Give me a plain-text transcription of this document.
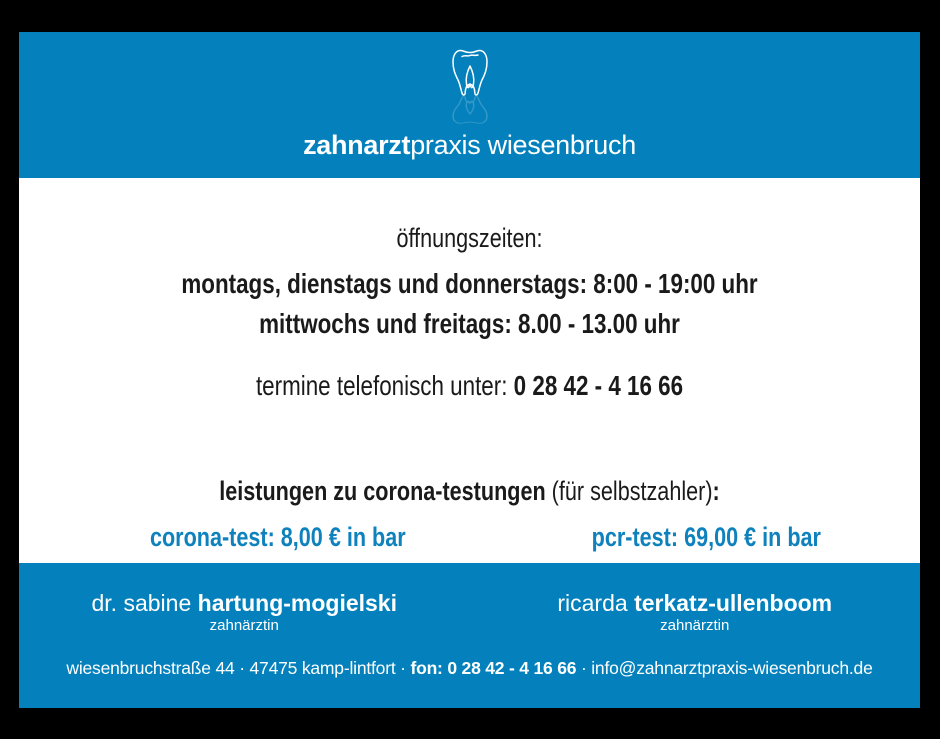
zahnarztpraxis wiesenbruch
öffnungszeiten:
montags, dienstags und donnerstags: 8:00 - 19:00 uhr
mittwochs und freitags: 8.00 - 13.00 uhr
termine telefonisch unter: 0 28 42 - 4 16 66
leistungen zu corona-testungen (für selbstzahler):
corona-test: 8,00 € in bar	pcr-test: 69,00 € in bar
dr. sabine hartung-mogielski
zahnärztin
ricarda terkatz-ullenboom
zahnärztin
wiesenbruchstraße 44 · 47475 kamp-lintfort · fon: 0 28 42 - 4 16 66 · info@zahnarztpraxis-wiesenbruch.de
